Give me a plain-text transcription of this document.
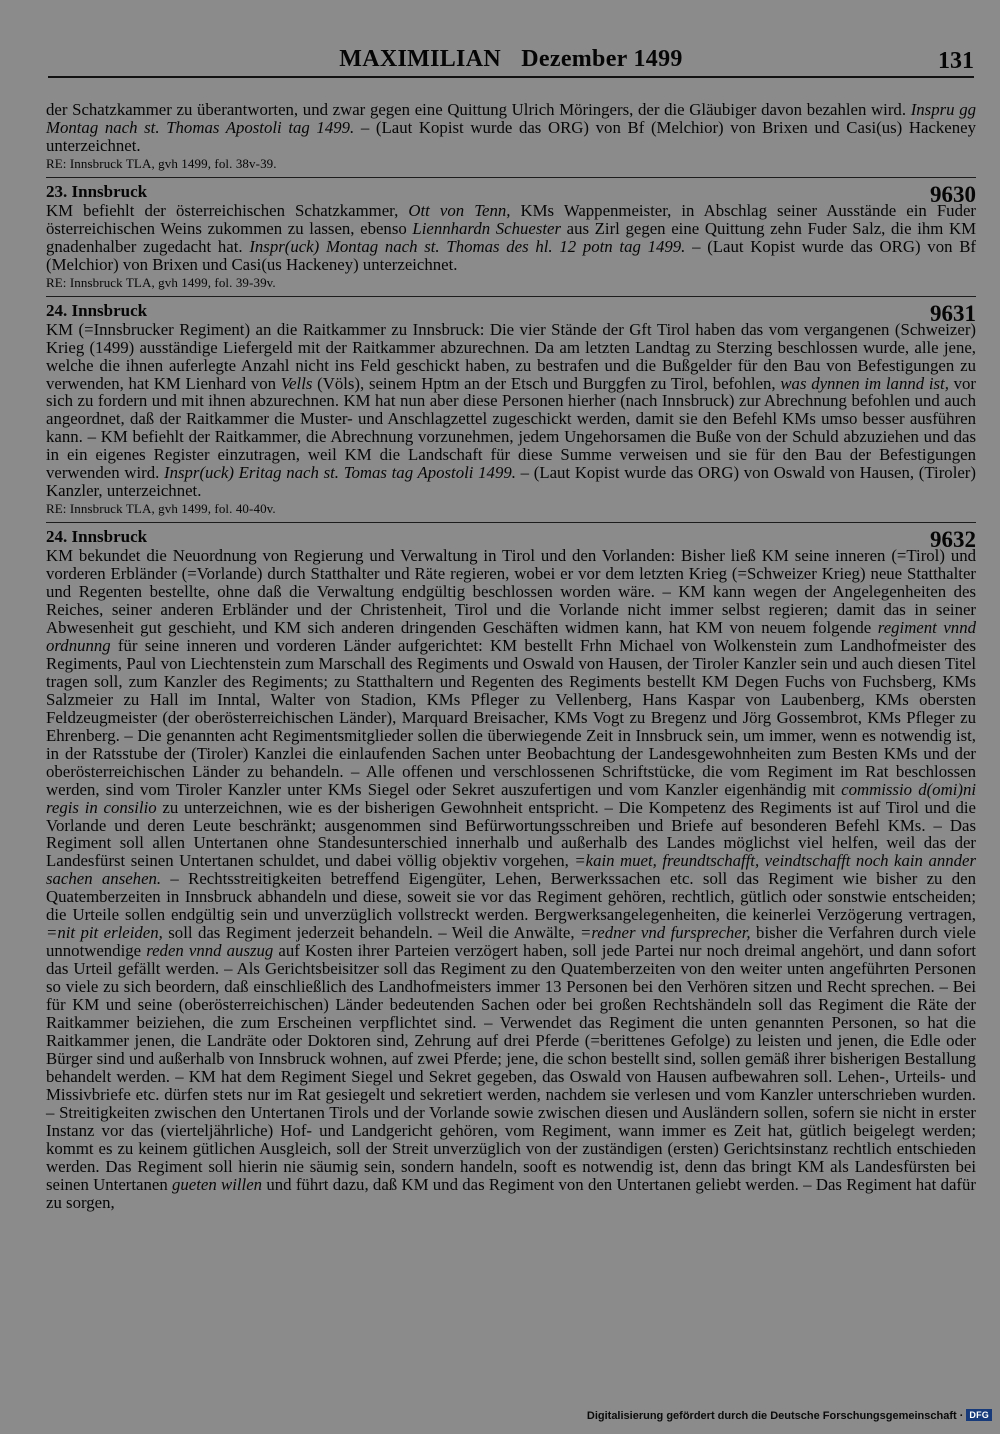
MAXIMILIAN Dezember 1499	131

der Schatzkammer zu überantworten, und zwar gegen eine Quittung Ulrich Möringers, der die Gläubiger davon bezahlen wird. Inspru gg Montag nach st. Thomas Apostoli tag 1499. – (Laut Kopist wurde das ORG) von Bf (Melchior) von Brixen und Casi(us) Hackeney unterzeichnet.

RE: Innsbruck TLA, gvh 1499, fol. 38v-39.
23. Innsbruck	9630

KM befiehlt der österreichischen Schatzkammer, Ott von Tenn, KMs Wappenmeister, in Abschlag seiner Ausstände ein Fuder österreichischen Weins zukommen zu lassen, ebenso Liennhardn Schuester aus Zirl gegen eine Quittung zehn Fuder Salz, die ihm KM gnadenhalber zugedacht hat. Inspr(uck) Montag nach st. Thomas des hl. 12 potn tag 1499. – (Laut Kopist wurde das ORG) von Bf (Melchior) von Brixen und Casi(us Hackeney) unterzeichnet.

RE: Innsbruck TLA, gvh 1499, fol. 39-39v.
24. Innsbruck	9631

KM (=Innsbrucker Regiment) an die Raitkammer zu Innsbruck: Die vier Stände der Gft Tirol haben das vom vergangenen (Schweizer) Krieg (1499) ausständige Liefergeld mit der Raitkammer abzurechnen. Da am letzten Landtag zu Sterzing beschlossen wurde, alle jene, welche die ihnen auferlegte Anzahl nicht ins Feld geschickt haben, zu bestrafen und die Bußgelder für den Bau von Befestigungen zu verwenden, hat KM Lienhard von Vells (Völs), seinem Hptm an der Etsch und Burggfen zu Tirol, befohlen, was dynnen im lannd ist, vor sich zu fordern und mit ihnen abzurechnen. KM hat nun aber diese Personen hierher (nach Innsbruck) zur Abrechnung befohlen und auch angeordnet, daß der Raitkammer die Muster- und Anschlagzettel zugeschickt werden, damit sie den Befehl KMs umso besser ausführen kann. – KM befiehlt der Raitkammer, die Abrechnung vorzunehmen, jedem Ungehorsamen die Buße von der Schuld abzuziehen und das in ein eigenes Register einzutragen, weil KM die Landschaft für diese Summe verweisen und sie für den Bau der Befestigungen verwenden wird. Inspr(uck) Eritag nach st. Tomas tag Apostoli 1499. – (Laut Kopist wurde das ORG) von Oswald von Hausen, (Tiroler) Kanzler, unterzeichnet.

RE: Innsbruck TLA, gvh 1499, fol. 40-40v.
24. Innsbruck	9632

KM bekundet die Neuordnung von Regierung und Verwaltung in Tirol und den Vorlanden: Bisher ließ KM seine inneren (=Tirol) und vorderen Erbländer (=Vorlande) durch Statthalter und Räte regieren, wobei er vor dem letzten Krieg (=Schweizer Krieg) neue Statthalter und Regenten bestellte, ohne daß die Verwaltung endgültig beschlossen worden wäre. – KM kann wegen der Angelegenheiten des Reiches, seiner anderen Erbländer und der Christenheit, Tirol und die Vorlande nicht immer selbst regieren; damit das in seiner Abwesenheit gut geschieht, und KM sich anderen dringenden Geschäften widmen kann, hat KM von neuem folgende regiment vnnd ordnunng für seine inneren und vorderen Länder aufgerichtet: KM bestellt Frhn Michael von Wolkenstein zum Landhofmeister des Regiments, Paul von Liechtenstein zum Marschall des Regiments und Oswald von Hausen, der Tiroler Kanzler sein und auch diesen Titel tragen soll, zum Kanzler des Regiments; zu Statthaltern und Regenten des Regiments bestellt KM Degen Fuchs von Fuchsberg, KMs Salzmeier zu Hall im Inntal, Walter von Stadion, KMs Pfleger zu Vellenberg, Hans Kaspar von Laubenberg, KMs obersten Feldzeugmeister (der oberösterreichischen Länder), Marquard Breisacher, KMs Vogt zu Bregenz und Jörg Gossembrot, KMs Pfleger zu Ehrenberg. – Die genannten acht Regimentsmitglieder sollen die überwiegende Zeit in Innsbruck sein, um immer, wenn es notwendig ist, in der Ratsstube der (Tiroler) Kanzlei die einlaufenden Sachen unter Beobachtung der Landesgewohnheiten zum Besten KMs und der oberösterreichischen Länder zu behandeln. – Alle offenen und verschlossenen Schriftstücke, die vom Regiment im Rat beschlossen werden, sind vom Tiroler Kanzler unter KMs Siegel oder Sekret auszufertigen und vom Kanzler eigenhändig mit commissio d(omi)ni regis in consilio zu unterzeichnen, wie es der bisherigen Gewohnheit entspricht. – Die Kompetenz des Regiments ist auf Tirol und die Vorlande und deren Leute beschränkt; ausgenommen sind Befürwortungsschreiben und Briefe auf besonderen Befehl KMs. – Das Regiment soll allen Untertanen ohne Standesunterschied innerhalb und außerhalb des Landes möglichst viel helfen, weil das der Landesfürst seinen Untertanen schuldet, und dabei völlig objektiv vorgehen, =kain muet, freundtschafft, veindtschafft noch kain annder sachen ansehen. – Rechtsstreitigkeiten betreffend Eigengüter, Lehen, Berwerkssachen etc. soll das Regiment wie bisher zu den Quatemberzeiten in Innsbruck abhandeln und diese, soweit sie vor das Regiment gehören, rechtlich, gütlich oder sonstwie entscheiden; die Urteile sollen endgültig sein und unverzüglich vollstreckt werden. Bergwerksangelegenheiten, die keinerlei Verzögerung vertragen, =nit pit erleiden, soll das Regiment jederzeit behandeln. – Weil die Anwälte, =redner vnd fursprecher, bisher die Verfahren durch viele unnotwendige reden vnnd auszug auf Kosten ihrer Parteien verzögert haben, soll jede Partei nur noch dreimal angehört, und dann sofort das Urteil gefällt werden. – Als Gerichtsbeisitzer soll das Regiment zu den Quatemberzeiten von den weiter unten angeführten Personen so viele zu sich beordern, daß einschließlich des Landhofmeisters immer 13 Personen bei den Verhören sitzen und Recht sprechen. – Bei für KM und seine (oberösterreichischen) Länder bedeutenden Sachen oder bei großen Rechtshändeln soll das Regiment die Räte der Raitkammer beiziehen, die zum Erscheinen verpflichtet sind. – Verwendet das Regiment die unten genannten Personen, so hat die Raitkammer jenen, die Landräte oder Doktoren sind, Zehrung auf drei Pferde (=berittenes Gefolge) zu leisten und jenen, die Edle oder Bürger sind und außerhalb von Innsbruck wohnen, auf zwei Pferde; jene, die schon bestellt sind, sollen gemäß ihrer bisherigen Bestallung behandelt werden. – KM hat dem Regiment Siegel und Sekret gegeben, das Oswald von Hausen aufbewahren soll. Lehen-, Urteils- und Missivbriefe etc. dürfen stets nur im Rat gesiegelt und sekretiert werden, nachdem sie verlesen und vom Kanzler unterschrieben wurden. – Streitigkeiten zwischen den Untertanen Tirols und der Vorlande sowie zwischen diesen und Ausländern sollen, sofern sie nicht in erster Instanz vor das (vierteljährliche) Hof- und Landgericht gehören, vom Regiment, wann immer es Zeit hat, gütlich beigelegt werden; kommt es zu keinem gütlichen Ausgleich, soll der Streit unverzüglich von der zuständigen (ersten) Gerichtsinstanz rechtlich entschieden werden. Das Regiment soll hierin nie säumig sein, sondern handeln, sooft es notwendig ist, denn das bringt KM als Landesfürsten bei seinen Untertanen gueten willen und führt dazu, daß KM und das Regiment von den Untertanen geliebt werden. – Das Regiment hat dafür zu sorgen,

Digitalisierung gefördert durch die Deutsche Forschungsgemeinschaft · DFG
